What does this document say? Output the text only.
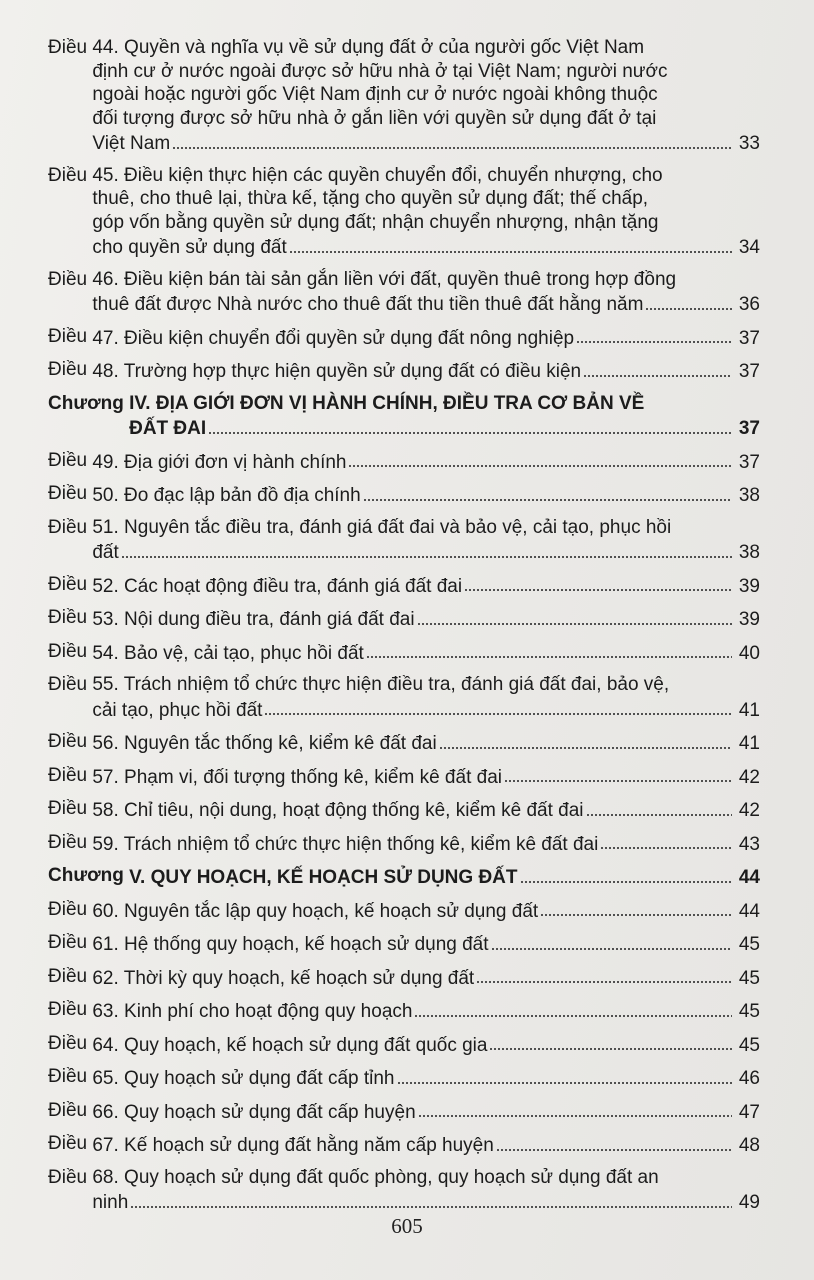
Điều 44. Quyền và nghĩa vụ về sử dụng đất ở của người gốc Việt Nam
định cư ở nước ngoài được sở hữu nhà ở tại Việt Nam; người nước
ngoài hoặc người gốc Việt Nam định cư ở nước ngoài không thuộc
đối tượng được sở hữu nhà ở gắn liền với quyền sử dụng đất ở tại
Việt Nam	33
Điều 45. Điều kiện thực hiện các quyền chuyển đổi, chuyển nhượng, cho
thuê, cho thuê lại, thừa kế, tặng cho quyền sử dụng đất; thế chấp,
góp vốn bằng quyền sử dụng đất; nhận chuyển nhượng, nhận tặng
cho quyền sử dụng đất	34
Điều 46. Điều kiện bán tài sản gắn liền với đất, quyền thuê trong hợp đồng
thuê đất được Nhà nước cho thuê đất thu tiền thuê đất hằng năm	36
Điều 47. Điều kiện chuyển đổi quyền sử dụng đất nông nghiệp	37
Điều 48. Trường hợp thực hiện quyền sử dụng đất có điều kiện	37
Chương IV. ĐỊA GIỚI ĐƠN VỊ HÀNH CHÍNH, ĐIỀU TRA CƠ BẢN VỀ
ĐẤT ĐAI	37
Điều 49. Địa giới đơn vị hành chính	37
Điều 50. Đo đạc lập bản đồ địa chính	38
Điều 51. Nguyên tắc điều tra, đánh giá đất đai và bảo vệ, cải tạo, phục hồi
đất	38
Điều 52. Các hoạt động điều tra, đánh giá đất đai	39
Điều 53. Nội dung điều tra, đánh giá đất đai	39
Điều 54. Bảo vệ, cải tạo, phục hồi đất	40
Điều 55. Trách nhiệm tổ chức thực hiện điều tra, đánh giá đất đai, bảo vệ,
cải tạo, phục hồi đất	41
Điều 56. Nguyên tắc thống kê, kiểm kê đất đai	41
Điều 57. Phạm vi, đối tượng thống kê, kiểm kê đất đai	42
Điều 58. Chỉ tiêu, nội dung, hoạt động thống kê, kiểm kê đất đai	42
Điều 59. Trách nhiệm tổ chức thực hiện thống kê, kiểm kê đất đai	43
Chương V. QUY HOẠCH, KẾ HOẠCH SỬ DỤNG ĐẤT	44
Điều 60. Nguyên tắc lập quy hoạch, kế hoạch sử dụng đất	44
Điều 61. Hệ thống quy hoạch, kế hoạch sử dụng đất	45
Điều 62. Thời kỳ quy hoạch, kế hoạch sử dụng đất	45
Điều 63. Kinh phí cho hoạt động quy hoạch	45
Điều 64. Quy hoạch, kế hoạch sử dụng đất quốc gia	45
Điều 65. Quy hoạch sử dụng đất cấp tỉnh	46
Điều 66. Quy hoạch sử dụng đất cấp huyện	47
Điều 67. Kế hoạch sử dụng đất hằng năm cấp huyện	48
Điều 68. Quy hoạch sử dụng đất quốc phòng, quy hoạch sử dụng đất an
ninh	49
605
